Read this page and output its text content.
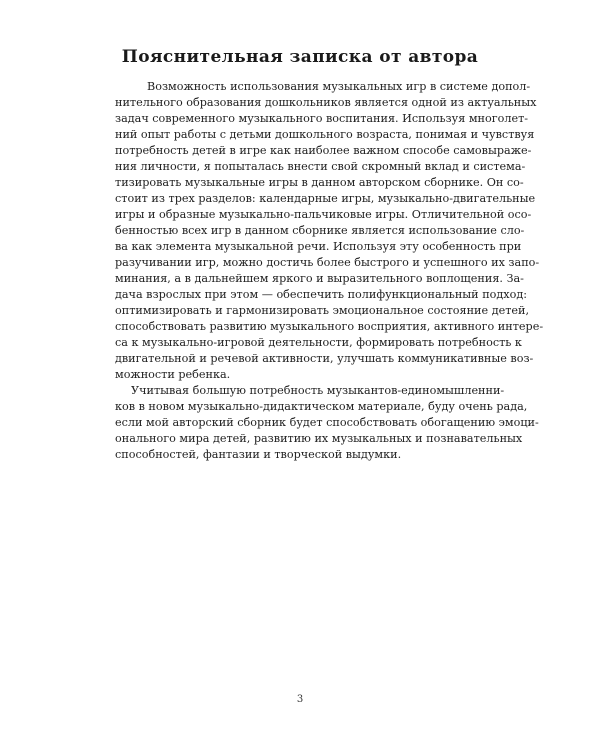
Пояснительная записка от автора
Возможность использования музыкальных игр в системе допол-
нительного образования дошкольников является одной из актуальных
задач современного музыкального воспитания. Используя многолет-
ний опыт работы с детьми дошкольного возраста, понимая и чувствуя
потребность детей в игре как наиболее важном способе самовыраже-
ния личности, я попыталась внести свой скромный вклад и система-
тизировать музыкальные игры в данном авторском сборнике. Он со-
стоит из трех разделов: календарные игры, музыкально-двигательные
игры и образные музыкально-пальчиковые игры. Отличительной осо-
бенностью всех игр в данном сборнике является использование сло-
ва как элемента музыкальной речи. Используя эту особенность при
разучивании игр, можно достичь более быстрого и успешного их запо-
минания, а в дальнейшем яркого и выразительного воплощения. За-
дача взрослых при этом — обеспечить полифункциональный подход:
оптимизировать и гармонизировать эмоциональное состояние детей,
способствовать развитию музыкального восприятия, активного интере-
са к музыкально-игровой деятельности, формировать потребность к
двигательной и речевой активности, улучшать коммуникативные воз-
можности ребенка.
Учитывая большую потребность музыкантов-единомышленни-
ков в новом музыкально-дидактическом материале, буду очень рада,
если мой авторский сборник будет способствовать обогащению эмоци-
онального мира детей, развитию их музыкальных и познавательных
способностей, фантазии и творческой выдумки.
3
